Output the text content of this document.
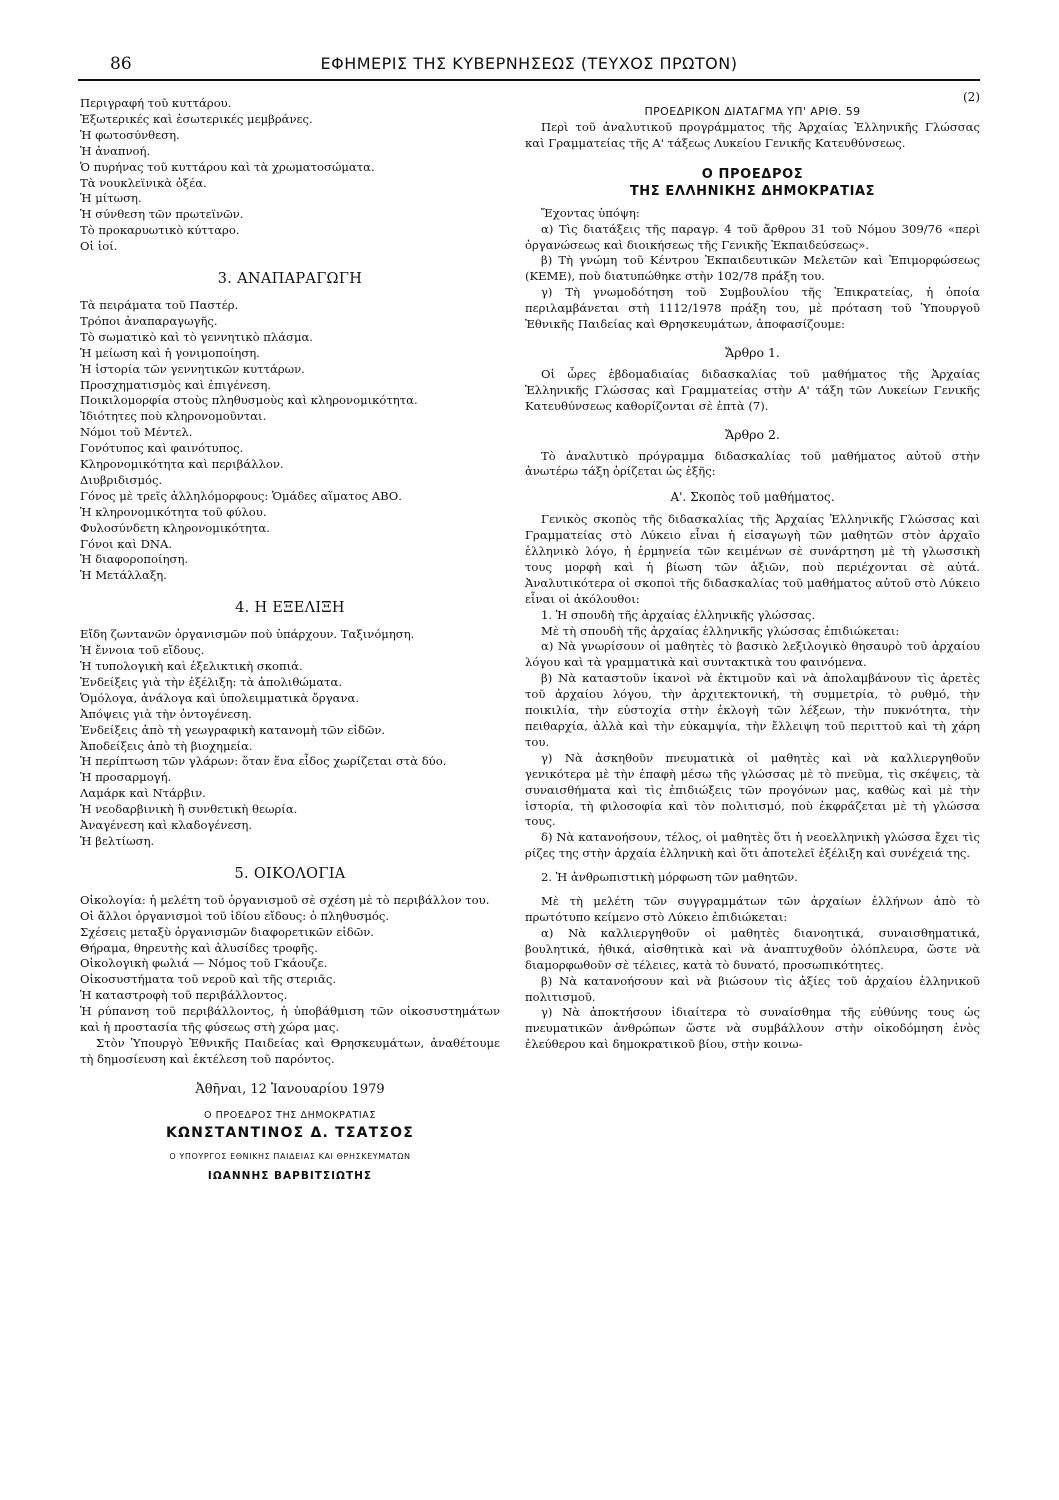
86	ΕΦΗΜΕΡΙΣ ΤΗΣ ΚΥΒΕΡΝΗΣΕΩΣ (ΤΕΥΧΟΣ ΠΡΩΤΟΝ)

Περιγραφή τοῦ κυττάρου.

Ἐξωτερικές καὶ ἐσωτερικές μεμβράνες.

Ἡ φωτοσύνθεση.

Ἡ ἀναπνοή.

Ὁ πυρήνας τοῦ κυττάρου καὶ τὰ χρωματοσώματα.

Τὰ νουκλεϊνικὰ ὀξέα.

Ἡ μίτωση.

Ἡ σύνθεση τῶν πρωτεϊνῶν.

Τὸ προκαρυωτικὸ κύτταρο.

Οἱ ἰοί.

3. ΑΝΑΠΑΡΑΓΩΓΗ

Τὰ πειράματα τοῦ Παστέρ.

Τρόποι ἀναπαραγωγῆς.

Τὸ σωματικὸ καὶ τὸ γεννητικὸ πλάσμα.

Ἡ μείωση καὶ ἡ γονιμοποίηση.

Ἡ ἱστορία τῶν γεννητικῶν κυττάρων.

Προσχηματισμὸς καὶ ἐπιγένεση.

Ποικιλομορφία στοὺς πληθυσμοὺς καὶ κληρονομικότητα.

Ἰδιότητες ποὺ κληρονομοῦνται.

Νόμοι τοῦ Μέντελ.

Γονότυπος καὶ φαινότυπος.

Κληρονομικότητα καὶ περιβάλλον.

Διυβριδισμός.

Γόνος μὲ τρεῖς ἀλληλόμορφους: Ὁμάδες αἵματος ΑΒΟ.

Ἡ κληρονομικότητα τοῦ φύλου.

Φυλοσύνδετη κληρονομικότητα.

Γόνοι καὶ DNA.

Ἡ διαφοροποίηση.

Ἡ Μετάλλαξη.

4. Η ΕΞΕΛΙΞΗ

Εἴδη ζωντανῶν ὀργανισμῶν ποὺ ὑπάρχουν. Ταξινόμηση.

Ἡ ἔννοια τοῦ εἴδους.

Ἡ τυπολογικὴ καὶ ἐξελικτικὴ σκοπιά.

Ἐνδείξεις γιὰ τὴν ἐξέλιξη: τὰ ἀπολιθώματα.

Ὁμόλογα, ἀνάλογα καὶ ὑπολειμματικὰ ὄργανα.

Ἀπόψεις γιὰ τὴν ὀντογένεση.

Ἐνδείξεις ἀπὸ τὴ γεωγραφικὴ κατανομὴ τῶν εἰδῶν.

Ἀποδείξεις ἀπὸ τὴ βιοχημεία.

Ἡ περίπτωση τῶν γλάρων: ὅταν ἕνα εἶδος χωρίζεται στὰ δύο.

Ἡ προσαρμογή.

Λαμάρκ καὶ Ντάρβιν.

Ἡ νεοδαρβινικὴ ἢ συνθετικὴ θεωρία.

Ἀναγένεση καὶ κλαδογένεση.

Ἡ βελτίωση.

5. ΟΙΚΟΛΟΓΙΑ

Οἰκολογία: ἡ μελέτη τοῦ ὀργανισμοῦ σὲ σχέση μὲ τὸ περιβάλλον του.

Οἱ ἄλλοι ὀργανισμοὶ τοῦ ἰδίου εἴδους: ὁ πληθυσμός.

Σχέσεις μεταξὺ ὀργανισμῶν διαφορετικῶν εἰδῶν.

Θήραμα, θηρευτὴς καὶ ἁλυσίδες τροφῆς.

Οἰκολογικὴ φωλιά — Νόμος τοῦ Γκάουζε.

Οἰκοσυστήματα τοῦ νεροῦ καὶ τῆς στεριᾶς.

Ἡ καταστροφὴ τοῦ περιβάλλοντος.

Ἡ ρύπανση τοῦ περιβάλλοντος, ἡ ὑποβάθμιση τῶν οἰκοσυστημάτων καὶ ἡ προστασία τῆς φύσεως στὴ χώρα μας.

Στὸν Ὑπουργὸ Ἐθνικῆς Παιδείας καὶ Θρησκευμάτων, ἀναθέτουμε τὴ δημοσίευση καὶ ἐκτέλεση τοῦ παρόντος.

Ἀθῆναι, 12 Ἰανουαρίου 1979
Ο ΠΡΟΕΔΡΟΣ ΤΗΣ ΔΗΜΟΚΡΑΤΙΑΣ
ΚΩΝΣΤΑΝΤΙΝΟΣ Δ. ΤΣΑΤΣΟΣ
Ο ΥΠΟΥΡΓΟΣ ΕΘΝΙΚΗΣ ΠΑΙΔΕΙΑΣ ΚΑΙ ΘΡΗΣΚΕΥΜΑΤΩΝ
ΙΩΑΝΝΗΣ ΒΑΡΒΙΤΣΙΩΤΗΣ
(2)
ΠΡΟΕΔΡΙΚΟΝ ΔΙΑΤΑΓΜΑ ΥΠ' ΑΡΙΘ. 59

Περὶ τοῦ ἀναλυτικοῦ προγράμματος τῆς Ἀρχαίας Ἑλληνικῆς Γλώσσας καὶ Γραμματείας τῆς Α' τάξεως Λυκείου Γενικῆς Κατευθύνσεως.

Ο ΠΡΟΕΔΡΟΣ
ΤΗΣ ΕΛΛΗΝΙΚΗΣ ΔΗΜΟΚΡΑΤΙΑΣ

Ἔχοντας ὑπόψη:

α) Τὶς διατάξεις τῆς παραγρ. 4 τοῦ ἄρθρου 31 τοῦ Νόμου 309/76 «περὶ ὀργανώσεως καὶ διοικήσεως τῆς Γενικῆς Ἐκπαιδεύσεως».

β) Τὴ γνώμη τοῦ Κέντρου Ἐκπαιδευτικῶν Μελετῶν καὶ Ἐπιμορφώσεως (ΚΕΜΕ), ποὺ διατυπώθηκε στὴν 102/78 πράξη του.

γ) Τὴ γνωμοδότηση τοῦ Συμβουλίου τῆς Ἐπικρατείας, ἡ ὁποία περιλαμβάνεται στὴ 1112/1978 πράξη του, μὲ πρόταση τοῦ Ὑπουργοῦ Ἐθνικῆς Παιδείας καὶ Θρησκευμάτων, ἀποφασίζουμε:

Ἄρθρο 1.

Οἱ ὧρες ἑβδομαδιαίας διδασκαλίας τοῦ μαθήματος τῆς Ἀρχαίας Ἑλληνικῆς Γλώσσας καὶ Γραμματείας στὴν Α' τάξη τῶν Λυκείων Γενικῆς Κατευθύνσεως καθορίζονται σὲ ἑπτὰ (7).

Ἄρθρο 2.

Τὸ ἀναλυτικὸ πρόγραμμα διδασκαλίας τοῦ μαθήματος αὐτοῦ στὴν ἀνωτέρω τάξη ὁρίζεται ὡς ἑξῆς:

Α'. Σκοπὸς τοῦ μαθήματος.

Γενικὸς σκοπὸς τῆς διδασκαλίας τῆς Ἀρχαίας Ἑλληνικῆς Γλώσσας καὶ Γραμματείας στὸ Λύκειο εἶναι ἡ εἰσαγωγὴ τῶν μαθητῶν στὸν ἀρχαῖο ἑλληνικὸ λόγο, ἡ ἑρμηνεία τῶν κειμένων σὲ συνάρτηση μὲ τὴ γλωσσικὴ τους μορφὴ καὶ ἡ βίωση τῶν ἀξιῶν, ποὺ περιέχονται σὲ αὐτά. Ἀναλυτικότερα οἱ σκοποὶ τῆς διδασκαλίας τοῦ μαθήματος αὐτοῦ στὸ Λύκειο εἶναι οἱ ἀκόλουθοι:

1. Ἡ σπουδὴ τῆς ἀρχαίας ἑλληνικῆς γλώσσας.

Μὲ τὴ σπουδὴ τῆς ἀρχαίας ἑλληνικῆς γλώσσας ἐπιδιώκεται:

α) Νὰ γνωρίσουν οἱ μαθητὲς τὸ βασικὸ λεξιλογικὸ θησαυρὸ τοῦ ἀρχαίου λόγου καὶ τὰ γραμματικὰ καὶ συντακτικὰ του φαινόμενα.

β) Νὰ καταστοῦν ἱκανοὶ νὰ ἐκτιμοῦν καὶ νὰ ἀπολαμβάνουν τὶς ἀρετὲς τοῦ ἀρχαίου λόγου, τὴν ἀρχιτεκτονική, τὴ συμμετρία, τὸ ρυθμό, τὴν ποικιλία, τὴν εὐστοχία στὴν ἐκλογὴ τῶν λέξεων, τὴν πυκνότητα, τὴν πειθαρχία, ἀλλὰ καὶ τὴν εὐκαμψία, τὴν ἔλλειψη τοῦ περιττοῦ καὶ τὴ χάρη του.

γ) Νὰ ἀσκηθοῦν πνευματικὰ οἱ μαθητὲς καὶ νὰ καλλιεργηθοῦν γενικότερα μὲ τὴν ἐπαφὴ μέσω τῆς γλώσσας μὲ τὸ πνεῦμα, τὶς σκέψεις, τὰ συναισθήματα καὶ τὶς ἐπιδιώξεις τῶν προγόνων μας, καθὼς καὶ μὲ τὴν ἱστορία, τὴ φιλοσοφία καὶ τὸν πολιτισμό, ποὺ ἐκφράζεται μὲ τὴ γλώσσα τους.

δ) Νὰ κατανοήσουν, τέλος, οἱ μαθητὲς ὅτι ἡ νεοελληνικὴ γλώσσα ἔχει τὶς ρίζες της στὴν ἀρχαία ἑλληνικὴ καὶ ὅτι ἀποτελεῖ ἐξέλιξη καὶ συνέχειά της.

2. Ἡ ἀνθρωπιστικὴ μόρφωση τῶν μαθητῶν.

Μὲ τὴ μελέτη τῶν συγγραμμάτων τῶν ἀρχαίων ἑλλήνων ἀπὸ τὸ πρωτότυπο κείμενο στὸ Λύκειο ἐπιδιώκεται:

α) Νὰ καλλιεργηθοῦν οἱ μαθητὲς διανοητικά, συναισθηματικά, βουλητικά, ἠθικά, αἰσθητικὰ καὶ νὰ ἀναπτυχθοῦν ὁλόπλευρα, ὥστε νὰ διαμορφωθοῦν σὲ τέλειες, κατὰ τὸ δυνατό, προσωπικότητες.

β) Νὰ κατανοήσουν καὶ νὰ βιώσουν τὶς ἀξίες τοῦ ἀρχαίου ἑλληνικοῦ πολιτισμοῦ.

γ) Νὰ ἀποκτήσουν ἰδιαίτερα τὸ συναίσθημα τῆς εὐθύνης τους ὡς πνευματικῶν ἀνθρώπων ὥστε νὰ συμβάλλουν στὴν οἰκοδόμηση ἑνὸς ἐλεύθερου καὶ δημοκρατικοῦ βίου, στὴν κοινω-
